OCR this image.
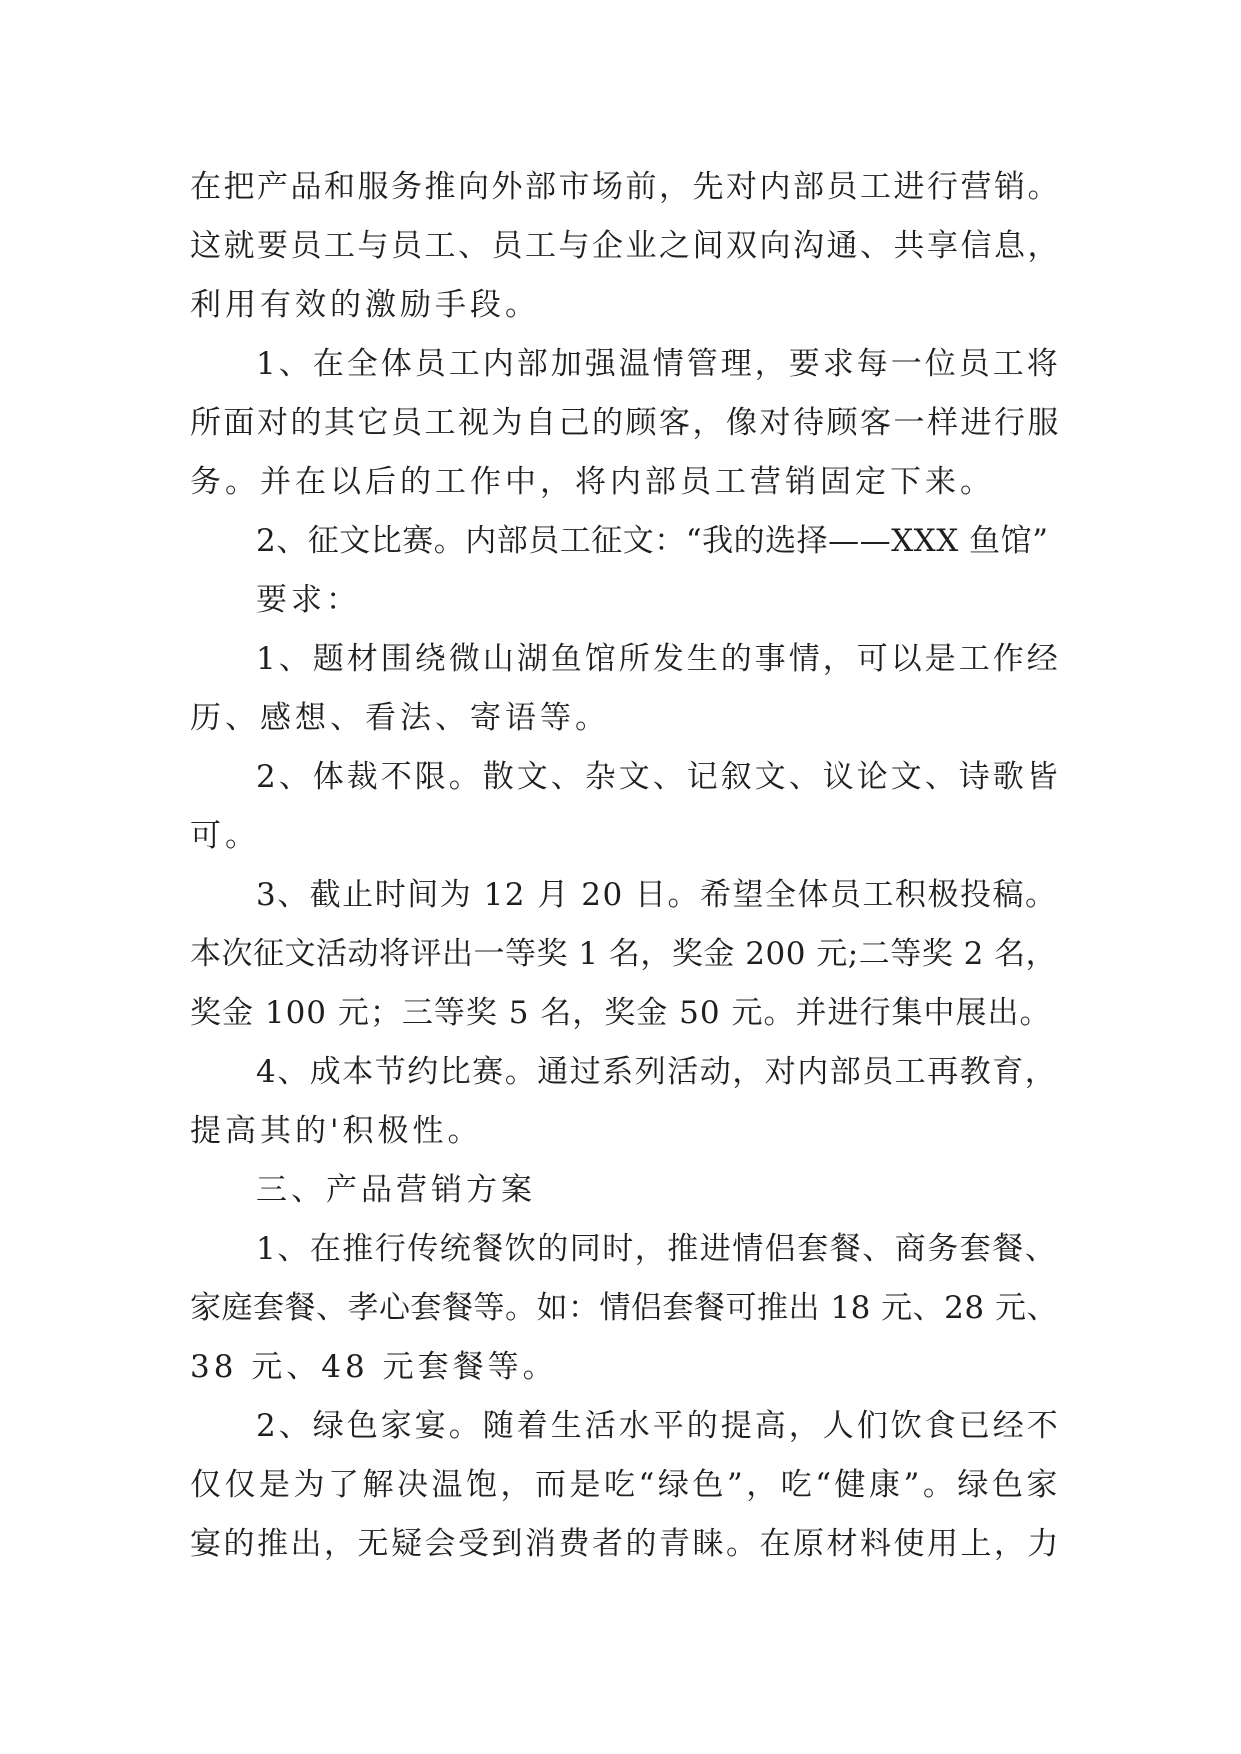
在把产品和服务推向外部市场前，先对内部员工进行营销。
这就要员工与员工、员工与企业之间双向沟通、共享信息，
利用有效的激励手段。
1、在全体员工内部加强温情管理，要求每一位员工将
所面对的其它员工视为自己的顾客，像对待顾客一样进行服
务。并在以后的工作中，将内部员工营销固定下来。
2、征文比赛。内部员工征文：“我的选择——XXX 鱼馆”
要求：
1、题材围绕微山湖鱼馆所发生的事情，可以是工作经
历、感想、看法、寄语等。
2、体裁不限。散文、杂文、记叙文、议论文、诗歌皆
可。
3、截止时间为 12 月 20 日。希望全体员工积极投稿。
本次征文活动将评出一等奖 1 名，奖金 200 元;二等奖 2 名，
奖金 100 元；三等奖 5 名，奖金 50 元。并进行集中展出。
4、成本节约比赛。通过系列活动，对内部员工再教育，
提高其的'积极性。
三、产品营销方案
1、在推行传统餐饮的同时，推进情侣套餐、商务套餐、
家庭套餐、孝心套餐等。如：情侣套餐可推出 18 元、28 元、
38 元、48 元套餐等。
2、绿色家宴。随着生活水平的提高，人们饮食已经不
仅仅是为了解决温饱，而是吃“绿色”，吃“健康”。绿色家
宴的推出，无疑会受到消费者的青睐。在原材料使用上，力
